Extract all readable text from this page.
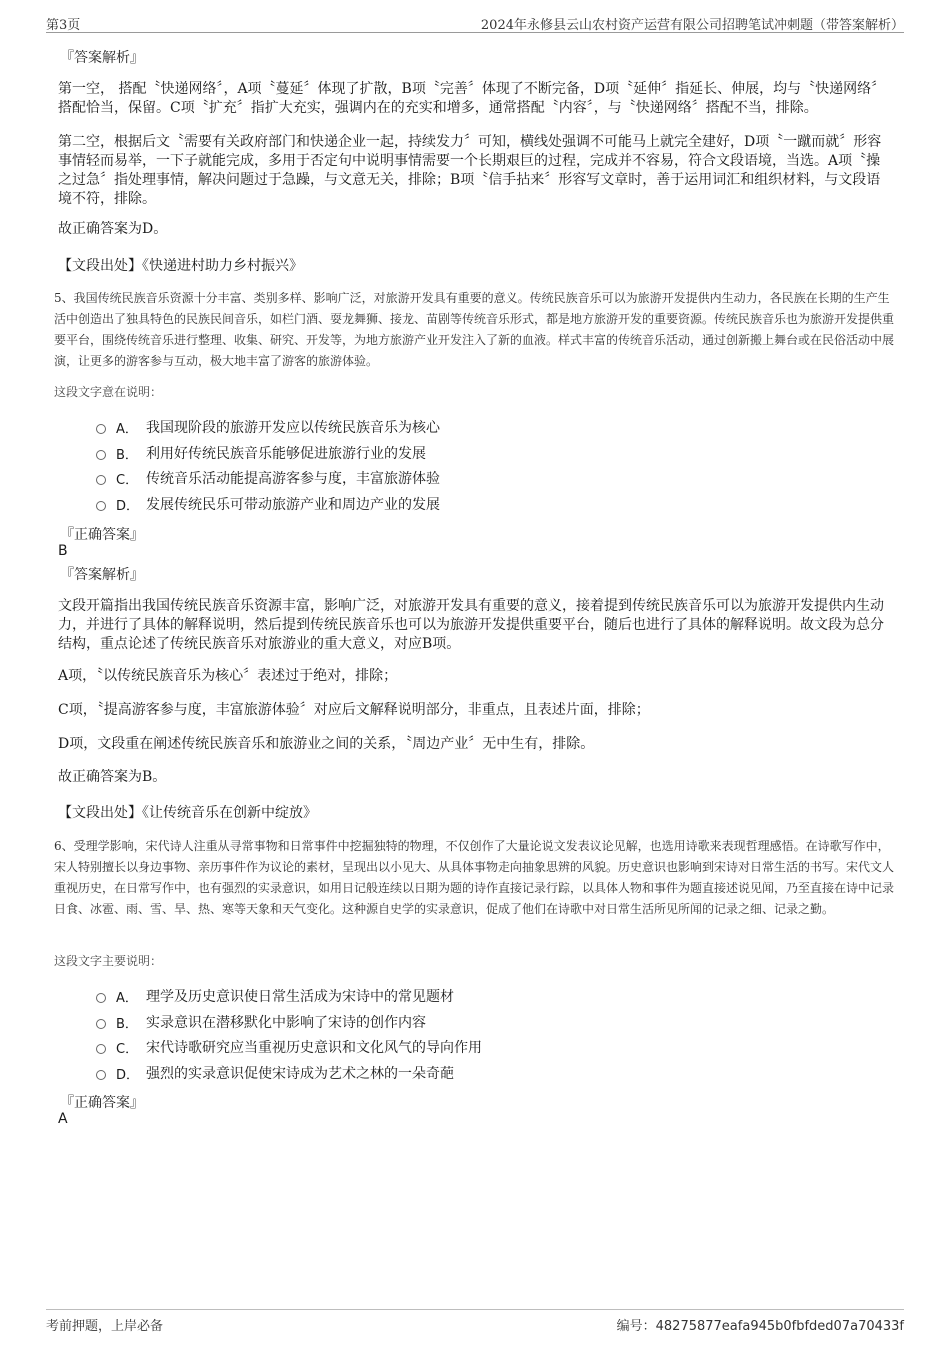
第3页	2024年永修县云山农村资产运营有限公司招聘笔试冲刺题（带答案解析）
『答案解析』
第一空， 搭配〝快递网络〞，A项〝蔓延〞体现了扩散，B项〝完善〞体现了不断完备，D项〝延伸〞指延长、伸展，均与〝快递网络〞搭配恰当，保留。C项〝扩充〞指扩大充实，强调内在的充实和增多，通常搭配〝内容〞，与〝快递网络〞搭配不当，排除。
第二空，根据后文〝需要有关政府部门和快递企业一起，持续发力〞可知，横线处强调不可能马上就完全建好，D项〝一蹴而就〞形容事情轻而易举，一下子就能完成，多用于否定句中说明事情需要一个长期艰巨的过程，完成并不容易，符合文段语境，当选。A项〝操之过急〞指处理事情，解决问题过于急躁，与文意无关，排除；B项〝信手拈来〞形容写文章时，善于运用词汇和组织材料，与文段语境不符，排除。
故正确答案为D。
【文段出处】《快递进村助力乡村振兴》
5、我国传统民族音乐资源十分丰富、类别多样、影响广泛，对旅游开发具有重要的意义。传统民族音乐可以为旅游开发提供内生动力，各民族在长期的生产生活中创造出了独具特色的民族民间音乐，如栏门酒、耍龙舞狮、接龙、苗剧等传统音乐形式，都是地方旅游开发的重要资源。传统民族音乐也为旅游开发提供重要平台，围绕传统音乐进行整理、收集、研究、开发等，为地方旅游产业开发注入了新的血液。样式丰富的传统音乐活动，通过创新搬上舞台或在民俗活动中展演，让更多的游客参与互动，极大地丰富了游客的旅游体验。
这段文字意在说明：
A． 我国现阶段的旅游开发应以传统民族音乐为核心
B． 利用好传统民族音乐能够促进旅游行业的发展
C． 传统音乐活动能提高游客参与度，丰富旅游体验
D． 发展传统民乐可带动旅游产业和周边产业的发展
『正确答案』
B
『答案解析』
文段开篇指出我国传统民族音乐资源丰富，影响广泛，对旅游开发具有重要的意义，接着提到传统民族音乐可以为旅游开发提供内生动力，并进行了具体的解释说明，然后提到传统民族音乐也可以为旅游开发提供重要平台，随后也进行了具体的解释说明。故文段为总分结构，重点论述了传统民族音乐对旅游业的重大意义，对应B项。
A项，〝以传统民族音乐为核心〞表述过于绝对，排除；
C项，〝提高游客参与度，丰富旅游体验〞对应后文解释说明部分，非重点，且表述片面，排除；
D项，文段重在阐述传统民族音乐和旅游业之间的关系，〝周边产业〞无中生有，排除。
故正确答案为B。
【文段出处】《让传统音乐在创新中绽放》
6、受理学影响，宋代诗人注重从寻常事物和日常事件中挖掘独特的物理，不仅创作了大量论说文发表议论见解，也选用诗歌来表现哲理感悟。在诗歌写作中，宋人特别擅长以身边事物、亲历事件作为议论的素材，呈现出以小见大、从具体事物走向抽象思辨的风貌。历史意识也影响到宋诗对日常生活的书写。宋代文人重视历史，在日常写作中，也有强烈的实录意识，如用日记般连续以日期为题的诗作直接记录行踪，以具体人物和事件为题直接述说见闻，乃至直接在诗中记录日食、冰雹、雨、雪、旱、热、寒等天象和天气变化。这种源自史学的实录意识，促成了他们在诗歌中对日常生活所见所闻的记录之细、记录之勤。
这段文字主要说明：
A． 理学及历史意识使日常生活成为宋诗中的常见题材
B． 实录意识在潜移默化中影响了宋诗的创作内容
C． 宋代诗歌研究应当重视历史意识和文化风气的导向作用
D． 强烈的实录意识促使宋诗成为艺术之林的一朵奇葩
『正确答案』
A
考前押题，上岸必备	编号：48275877eafa945b0fbfded07a70433f
